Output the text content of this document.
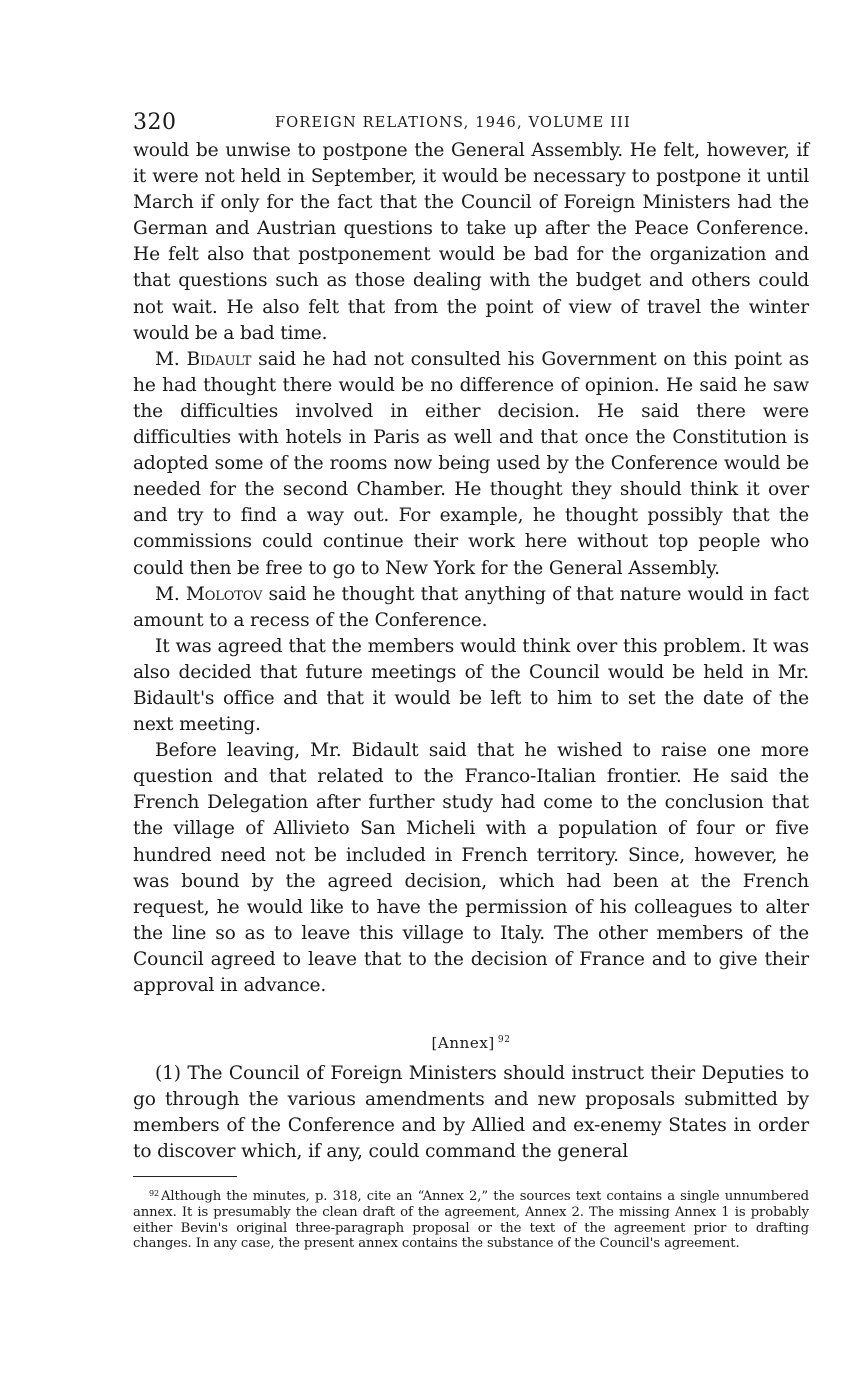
320	FOREIGN RELATIONS, 1946, VOLUME III

would be unwise to postpone the General Assembly. He felt, however, if it were not held in September, it would be necessary to postpone it until March if only for the fact that the Council of Foreign Ministers had the German and Austrian questions to take up after the Peace Conference. He felt also that postponement would be bad for the organization and that questions such as those dealing with the budget and others could not wait. He also felt that from the point of view of travel the winter would be a bad time.

M. Bidault said he had not consulted his Government on this point as he had thought there would be no difference of opinion. He said he saw the difficulties involved in either decision. He said there were difficulties with hotels in Paris as well and that once the Constitution is adopted some of the rooms now being used by the Conference would be needed for the second Chamber. He thought they should think it over and try to find a way out. For example, he thought possibly that the commissions could continue their work here without top people who could then be free to go to New York for the General Assembly.

M. Molotov said he thought that anything of that nature would in fact amount to a recess of the Conference.

It was agreed that the members would think over this problem. It was also decided that future meetings of the Council would be held in Mr. Bidault's office and that it would be left to him to set the date of the next meeting.

Before leaving, Mr. Bidault said that he wished to raise one more question and that related to the Franco-Italian frontier. He said the French Delegation after further study had come to the conclusion that the village of Allivieto San Micheli with a population of four or five hundred need not be included in French territory. Since, however, he was bound by the agreed decision, which had been at the French request, he would like to have the permission of his colleagues to alter the line so as to leave this village to Italy. The other members of the Council agreed to leave that to the decision of France and to give their approval in advance.

[Annex] $^{92}$

(1) The Council of Foreign Ministers should instruct their Deputies to go through the various amendments and new proposals submitted by members of the Conference and by Allied and ex-enemy States in order to discover which, if any, could command the general

$^{92}$ Although the minutes, p. 318, cite an “Annex 2,” the sources text contains a single unnumbered annex. It is presumably the clean draft of the agreement, Annex 2. The missing Annex 1 is probably either Bevin's original three-paragraph proposal or the text of the agreement prior to drafting changes. In any case, the present annex contains the substance of the Council's agreement.
